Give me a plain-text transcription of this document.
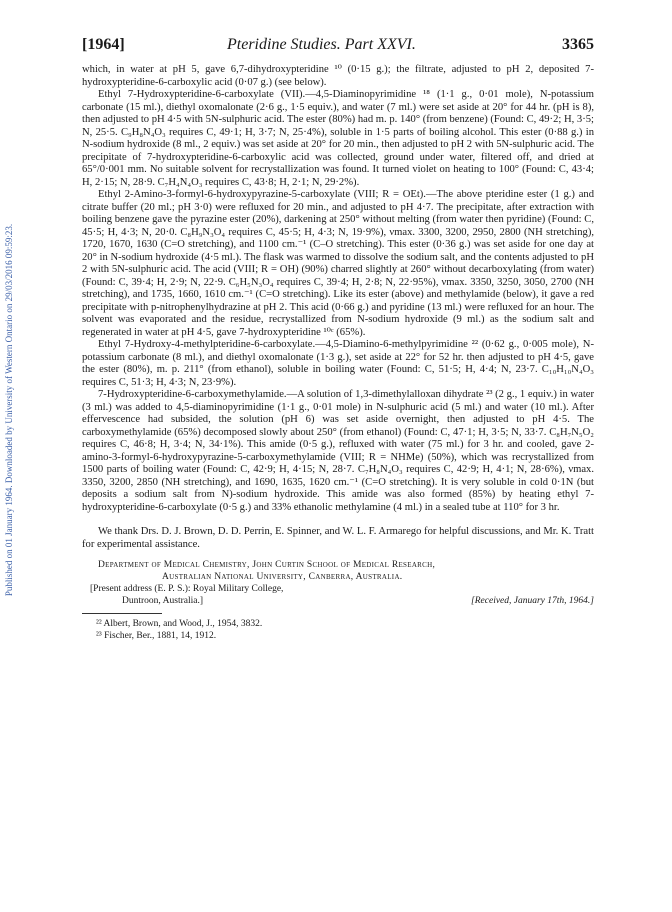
Published on 01 January 1964. Downloaded by University of Western Ontario on 29/03/2016 09:59:23.
[1964]	Pteridine Studies. Part XXVI.	3365

which, in water at pH 5, gave 6,7-dihydroxypteridine ¹⁰ (0·15 g.); the filtrate, adjusted to pH 2, deposited 7-hydroxypteridine-6-carboxylic acid (0·07 g.) (see below).

Ethyl 7-Hydroxypteridine-6-carboxylate (VII).—4,5-Diaminopyrimidine ¹⁸ (1·1 g., 0·01 mole), N-potassium carbonate (15 ml.), diethyl oxomalonate (2·6 g., 1·5 equiv.), and water (7 ml.) were set aside at 20° for 44 hr. (pH is 8), then adjusted to pH 4·5 with 5N-sulphuric acid. The ester (80%) had m. p. 140° (from benzene) (Found: C, 49·2; H, 3·5; N, 25·5. C₉H₈N₄O₃ requires C, 49·1; H, 3·7; N, 25·4%), soluble in 1·5 parts of boiling alcohol. This ester (0·88 g.) in N-sodium hydroxide (8 ml., 2 equiv.) was set aside at 20° for 20 min., then adjusted to pH 2 with 5N-sulphuric acid. The precipitate of 7-hydroxypteridine-6-carboxylic acid was collected, ground under water, filtered off, and dried at 65°/0·001 mm. No suitable solvent for recrystallization was found. It turned violet on heating to 100° (Found: C, 43·4; H, 2·15; N, 28·9. C₇H₄N₄O₃ requires C, 43·8; H, 2·1; N, 29·2%).

Ethyl 2-Amino-3-formyl-6-hydroxypyrazine-5-carboxylate (VIII; R = OEt).—The above pteridine ester (1 g.) and citrate buffer (20 ml.; pH 3·0) were refluxed for 20 min., and adjusted to pH 4·7. The precipitate, after extraction with boiling benzene gave the pyrazine ester (20%), darkening at 250° without melting (from water then pyridine) (Found: C, 45·5; H, 4·3; N, 20·0. C₈H₉N₃O₄ requires C, 45·5; H, 4·3; N, 19·9%), νmax. 3300, 3200, 2950, 2800 (NH stretching), 1720, 1670, 1630 (C=O stretching), and 1100 cm.⁻¹ (C–O stretching). This ester (0·36 g.) was set aside for one day at 20° in N-sodium hydroxide (4·5 ml.). The flask was warmed to dissolve the sodium salt, and the contents adjusted to pH 2 with 5N-sulphuric acid. The acid (VIII; R = OH) (90%) charred slightly at 260° without decarboxylating (from water) (Found: C, 39·4; H, 2·9; N, 22·9. C₆H₅N₃O₄ requires C, 39·4; H, 2·8; N, 22·95%), νmax. 3350, 3250, 3050, 2700 (NH stretching), and 1735, 1660, 1610 cm.⁻¹ (C=O stretching). Like its ester (above) and methylamide (below), it gave a red precipitate with p-nitrophenylhydrazine at pH 2. This acid (0·66 g.) and pyridine (13 ml.) were refluxed for an hour. The solvent was evaporated and the residue, recrystallized from N-sodium hydroxide (9 ml.) as the sodium salt and regenerated in water at pH 4·5, gave 7-hydroxypteridine ¹⁰ᶜ (65%).

Ethyl 7-Hydroxy-4-methylpteridine-6-carboxylate.—4,5-Diamino-6-methylpyrimidine ²² (0·62 g., 0·005 mole), N-potassium carbonate (8 ml.), and diethyl oxomalonate (1·3 g.), set aside at 22° for 52 hr. then adjusted to pH 4·5, gave the ester (80%), m. p. 211° (from ethanol), soluble in boiling water (Found: C, 51·5; H, 4·4; N, 23·7. C₁₀H₁₀N₄O₃ requires C, 51·3; H, 4·3; N, 23·9%).

7-Hydroxypteridine-6-carboxymethylamide.—A solution of 1,3-dimethylalloxan dihydrate ²³ (2 g., 1 equiv.) in water (3 ml.) was added to 4,5-diaminopyrimidine (1·1 g., 0·01 mole) in N-sulphuric acid (5 ml.) and water (10 ml.). After effervescence had subsided, the solution (pH 6) was set aside overnight, then adjusted to pH 4·5. The carboxymethylamide (65%) decomposed slowly about 250° (from ethanol) (Found: C, 47·1; H, 3·5; N, 33·7. C₈H₇N₅O₂ requires C, 46·8; H, 3·4; N, 34·1%). This amide (0·5 g.), refluxed with water (75 ml.) for 3 hr. and cooled, gave 2-amino-3-formyl-6-hydroxypyrazine-5-carboxymethylamide (VIII; R = NHMe) (50%), which was recrystallized from 1500 parts of boiling water (Found: C, 42·9; H, 4·15; N, 28·7. C₇H₈N₄O₃ requires C, 42·9; H, 4·1; N, 28·6%), νmax. 3350, 3200, 2850 (NH stretching), and 1690, 1635, 1620 cm.⁻¹ (C=O stretching). It is very soluble in cold 0·1N (but deposits a sodium salt from N)-sodium hydroxide. This amide was also formed (85%) by heating ethyl 7-hydroxypteridine-6-carboxylate (0·5 g.) and 33% ethanolic methylamine (4 ml.) in a sealed tube at 110° for 3 hr.

We thank Drs. D. J. Brown, D. D. Perrin, E. Spinner, and W. L. F. Armarego for helpful discussions, and Mr. K. Tratt for experimental assistance.

Department of Medical Chemistry, John Curtin School of Medical Research,
Australian National University, Canberra, Australia.
[Present address (E. P. S.): Royal Military College,
Duntroon, Australia.]	[Received, January 17th, 1964.]
²² Albert, Brown, and Wood, J., 1954, 3832.
²³ Fischer, Ber., 1881, 14, 1912.
